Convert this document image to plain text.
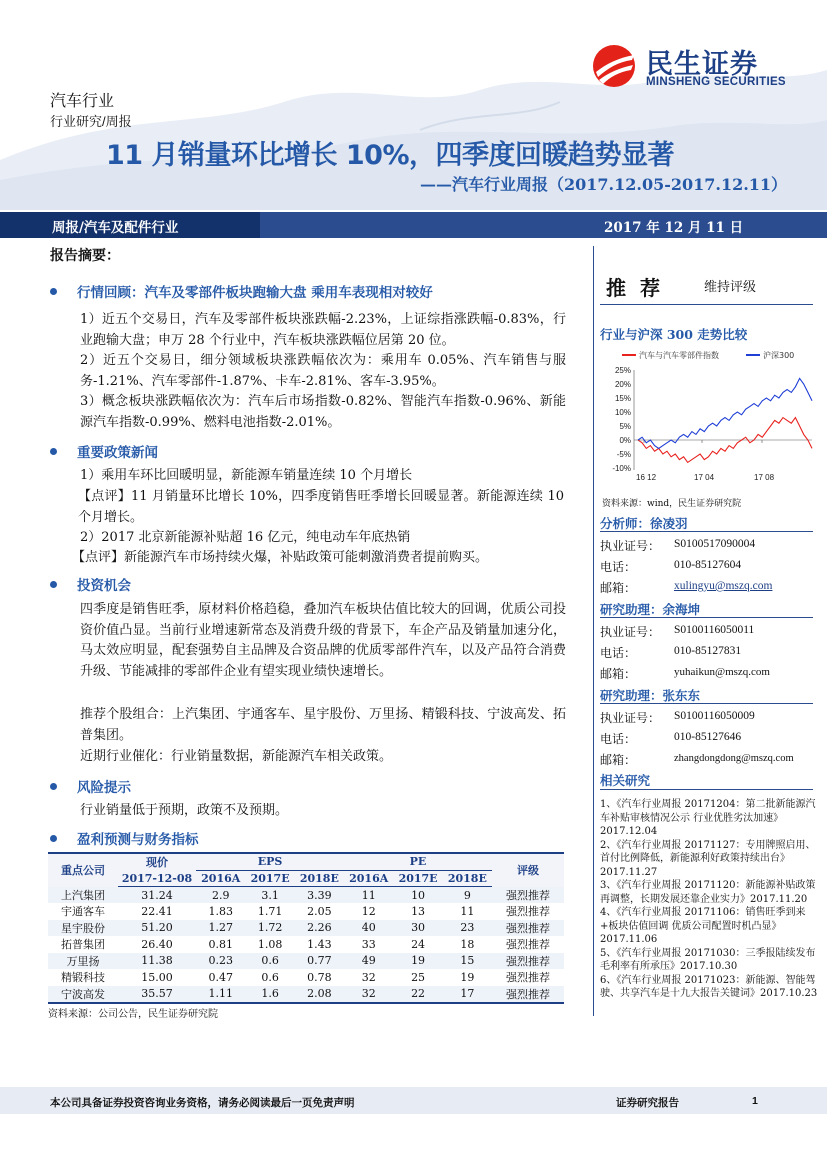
民生证券
MINSHENG SECURITIES
汽车行业
行业研究/周报
11 月销量环比增长 10%，四季度回暖趋势显著
——汽车行业周报（2017.12.05-2017.12.11）
周报/汽车及配件行业	2017 年 12 月 11 日
报告摘要：
行情回顾：汽车及零部件板块跑输大盘 乘用车表现相对较好
1）近五个交易日，汽车及零部件板块涨跌幅-2.23%，上证综指涨跌幅-0.83%，行业跑输大盘；申万 28 个行业中，汽车板块涨跌幅位居第 20 位。
2）近五个交易日，细分领域板块涨跌幅依次为：乘用车 0.05%、汽车销售与服务-1.21%、汽车零部件-1.87%、卡车-2.81%、客车-3.95%。
3）概念板块涨跌幅依次为：汽车后市场指数-0.82%、智能汽车指数-0.96%、新能源汽车指数-0.99%、燃料电池指数-2.01%。
重要政策新闻
1）乘用车环比回暖明显，新能源车销量连续 10 个月增长
【点评】11 月销量环比增长 10%，四季度销售旺季增长回暖显著。新能源连续 10 个月增长。
2）2017 北京新能源补贴超 16 亿元，纯电动车年底热销
【点评】新能源汽车市场持续火爆，补贴政策可能刺激消费者提前购买。
投资机会
四季度是销售旺季，原材料价格趋稳，叠加汽车板块估值比较大的回调，优质公司投资价值凸显。当前行业增速新常态及消费升级的背景下，车企产品及销量加速分化，马太效应明显，配套强势自主品牌及合资品牌的优质零部件汽车，以及产品符合消费升级、节能减排的零部件企业有望实现业绩快速增长。
推荐个股组合：上汽集团、宇通客车、星宇股份、万里扬、精锻科技、宁波高发、拓普集团。
近期行业催化：行业销量数据，新能源汽车相关政策。
风险提示
行业销量低于预期，政策不及预期。
盈利预测与财务指标
重点公司	现价	EPS			PE			评级
	2017-12-08	2016A	2017E	2018E	2016A	2017E	2018E	
上汽集团	31.24	2.9	3.1	3.39	11	10	9	强烈推荐
宇通客车	22.41	1.83	1.71	2.05	12	13	11	强烈推荐
星宇股份	51.20	1.27	1.72	2.26	40	30	23	强烈推荐
拓普集团	26.40	0.81	1.08	1.43	33	24	18	强烈推荐
万里扬	11.38	0.23	0.6	0.77	49	19	15	强烈推荐
精锻科技	15.00	0.47	0.6	0.78	32	25	19	强烈推荐
宁波高发	35.57	1.11	1.6	2.08	32	22	17	强烈推荐
资料来源：公司公告，民生证券研究院
推荐 维持评级
行业与沪深 300 走势比较
汽车与汽车零部件指数	沪深300
25%
20%
15%
10%
5%
0%
-5%
-10%
16 12	17 04	17 08
资料来源：wind，民生证券研究院
分析师：徐凌羽
执业证号： S0100517090004
电话：	010-85127604
邮箱：	xulingyu@mszq.com
研究助理：余海坤
执业证号： S0100116050011
电话：	010-85127831
邮箱：	yuhaikun@mszq.com
研究助理：张东东
执业证号： S0100116050009
电话：	010-85127646
邮箱：	zhangdongdong@mszq.com
相关研究
1、《汽车行业周报 20171204：第二批新能源汽车补贴审核情况公示 行业优胜劣汰加速》2017.12.04
2、《汽车行业周报 20171127：专用牌照启用、首付比例降低，新能源利好政策持续出台》2017.11.27
3、《汽车行业周报 20171120：新能源补贴政策再调整，长期发展还靠企业实力》2017.11.20
4、《汽车行业周报 20171106：销售旺季到来+板块估值回调 优质公司配置时机凸显》2017.11.06
5、《汽车行业周报 20171030：三季报陆续发布 毛利率有所承压》2017.10.30
6、《汽车行业周报 20171023：新能源、智能驾驶、共享汽车是十九大报告关键词》2017.10.23
本公司具备证券投资咨询业务资格，请务必阅读最后一页免责声明	证券研究报告	1
